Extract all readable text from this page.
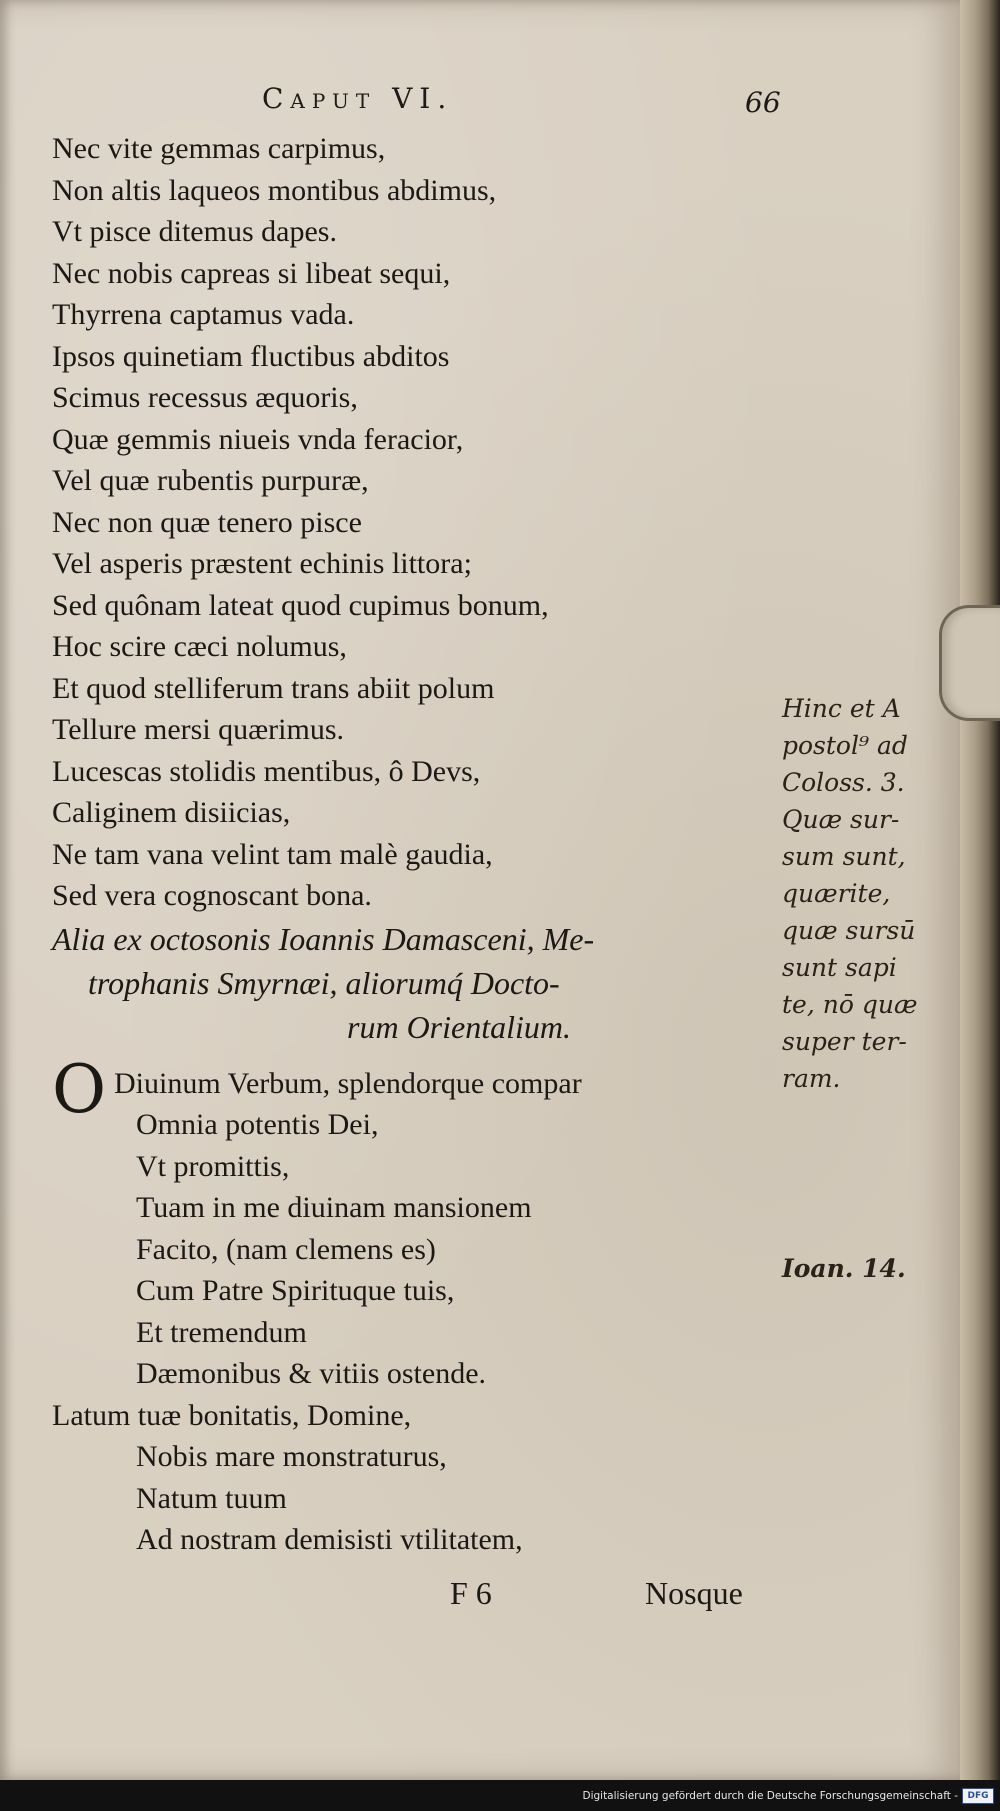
Caput VI.	66
Nec vite gemmas carpimus,
Non altis laqueos montibus abdimus,
Vt pisce ditemus dapes.
Nec nobis capreas si libeat sequi,
Thyrrena captamus vada.
Ipsos quinetiam fluctibus abditos
Scimus recessus æquoris,
Quæ gemmis niueis vnda feracior,
Vel quæ rubentis purpuræ,
Nec non quæ tenero pisce
Vel asperis præstent echinis littora;
Sed quônam lateat quod cupimus bonum,
Hoc scire cæci nolumus,
Et quod stelliferum trans abiit polum
Tellure mersi quærimus.
Lucescas stolidis mentibus, ô Devs,
Caliginem disiicias,
Ne tam vana velint tam malè gaudia,
Sed vera cognoscant bona.
Alia ex octosonis Ioannis Damasceni, Me-
trophanis Smyrnæi, aliorumq́ Docto-
rum Orientalium.
O Diuinum Verbum, splendorque compar
Omnia potentis Dei,
Vt promittis,
Tuam in me diuinam mansionem
Facito, (nam clemens es)
Cum Patre Spirituque tuis,
Et tremendum
Dæmonibus & vitiis ostende.
Latum tuæ bonitatis, Domine,
Nobis mare monstraturus,
Natum tuum
Ad nostram demisisti vtilitatem,
F 6	Nosque
Hinc et A
postol⁹ ad
Coloss. 3.
Quæ sur-
sum sunt,
quærite,
quæ sursū
sunt sapi
te, nō quæ
super ter-
ram.
Ioan. 14.
Digitalisierung gefördert durch die Deutsche Forschungsgemeinschaft -	DFG
